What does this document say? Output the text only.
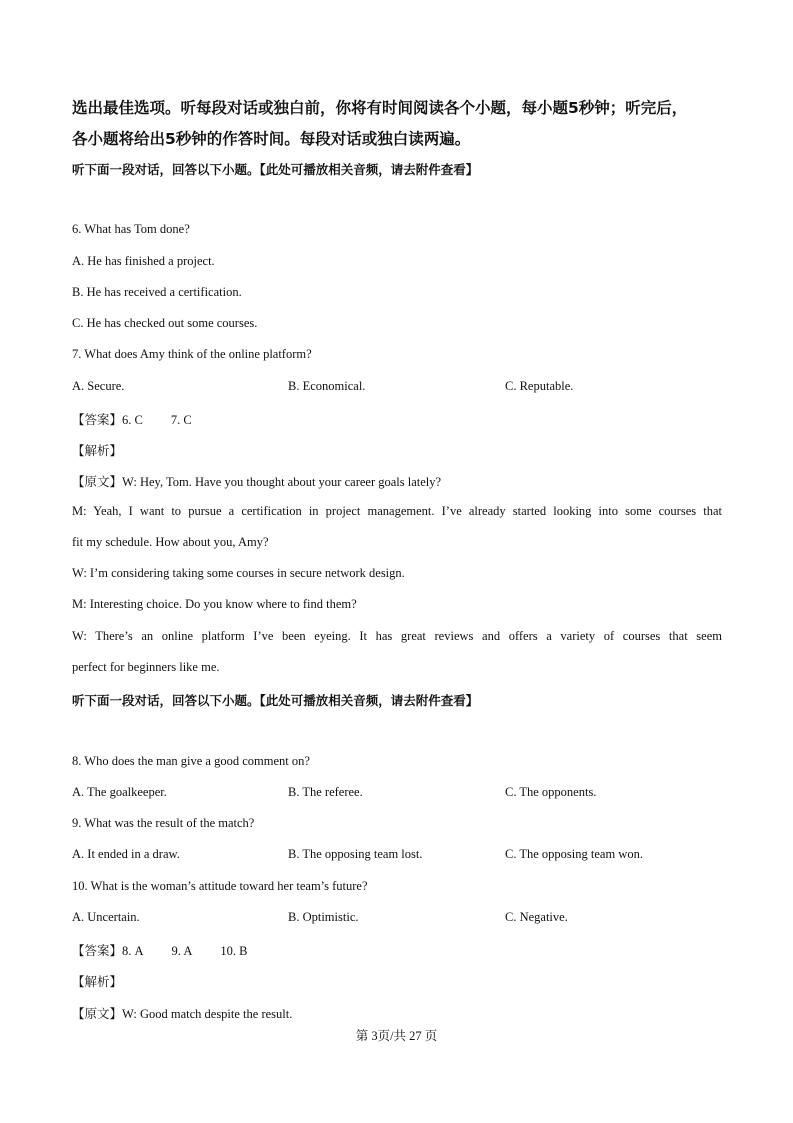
选出最佳选项。听每段对话或独白前，你将有时间阅读各个小题，每小题5秒钟；听完后，
各小题将给出5秒钟的作答时间。每段对话或独白读两遍。
听下面一段对话，回答以下小题。【此处可播放相关音频，请去附件查看】
6. What has Tom done?
A. He has finished a project.
B. He has received a certification.
C. He has checked out some courses.
7. What does Amy think of the online platform?
A. Secure.	B. Economical.	C. Reputable.
【答案】6. C 7. C
【解析】
【原文】W: Hey, Tom. Have you thought about your career goals lately?
M: Yeah, I want to pursue a certification in project management. I’ve already started looking into some courses that
fit my schedule. How about you, Amy?
W: I’m considering taking some courses in secure network design.
M: Interesting choice. Do you know where to find them?
W: There’s an online platform I’ve been eyeing. It has great reviews and offers a variety of courses that seem
perfect for beginners like me.
听下面一段对话，回答以下小题。【此处可播放相关音频，请去附件查看】
8. Who does the man give a good comment on?
A. The goalkeeper.	B. The referee.	C. The opponents.
9. What was the result of the match?
A. It ended in a draw.	B. The opposing team lost.	C. The opposing team won.
10. What is the woman’s attitude toward her team’s future?
A. Uncertain.	B. Optimistic.	C. Negative.
【答案】8. A 9. A 10. B
【解析】
【原文】W: Good match despite the result.
第 3页/共 27 页
